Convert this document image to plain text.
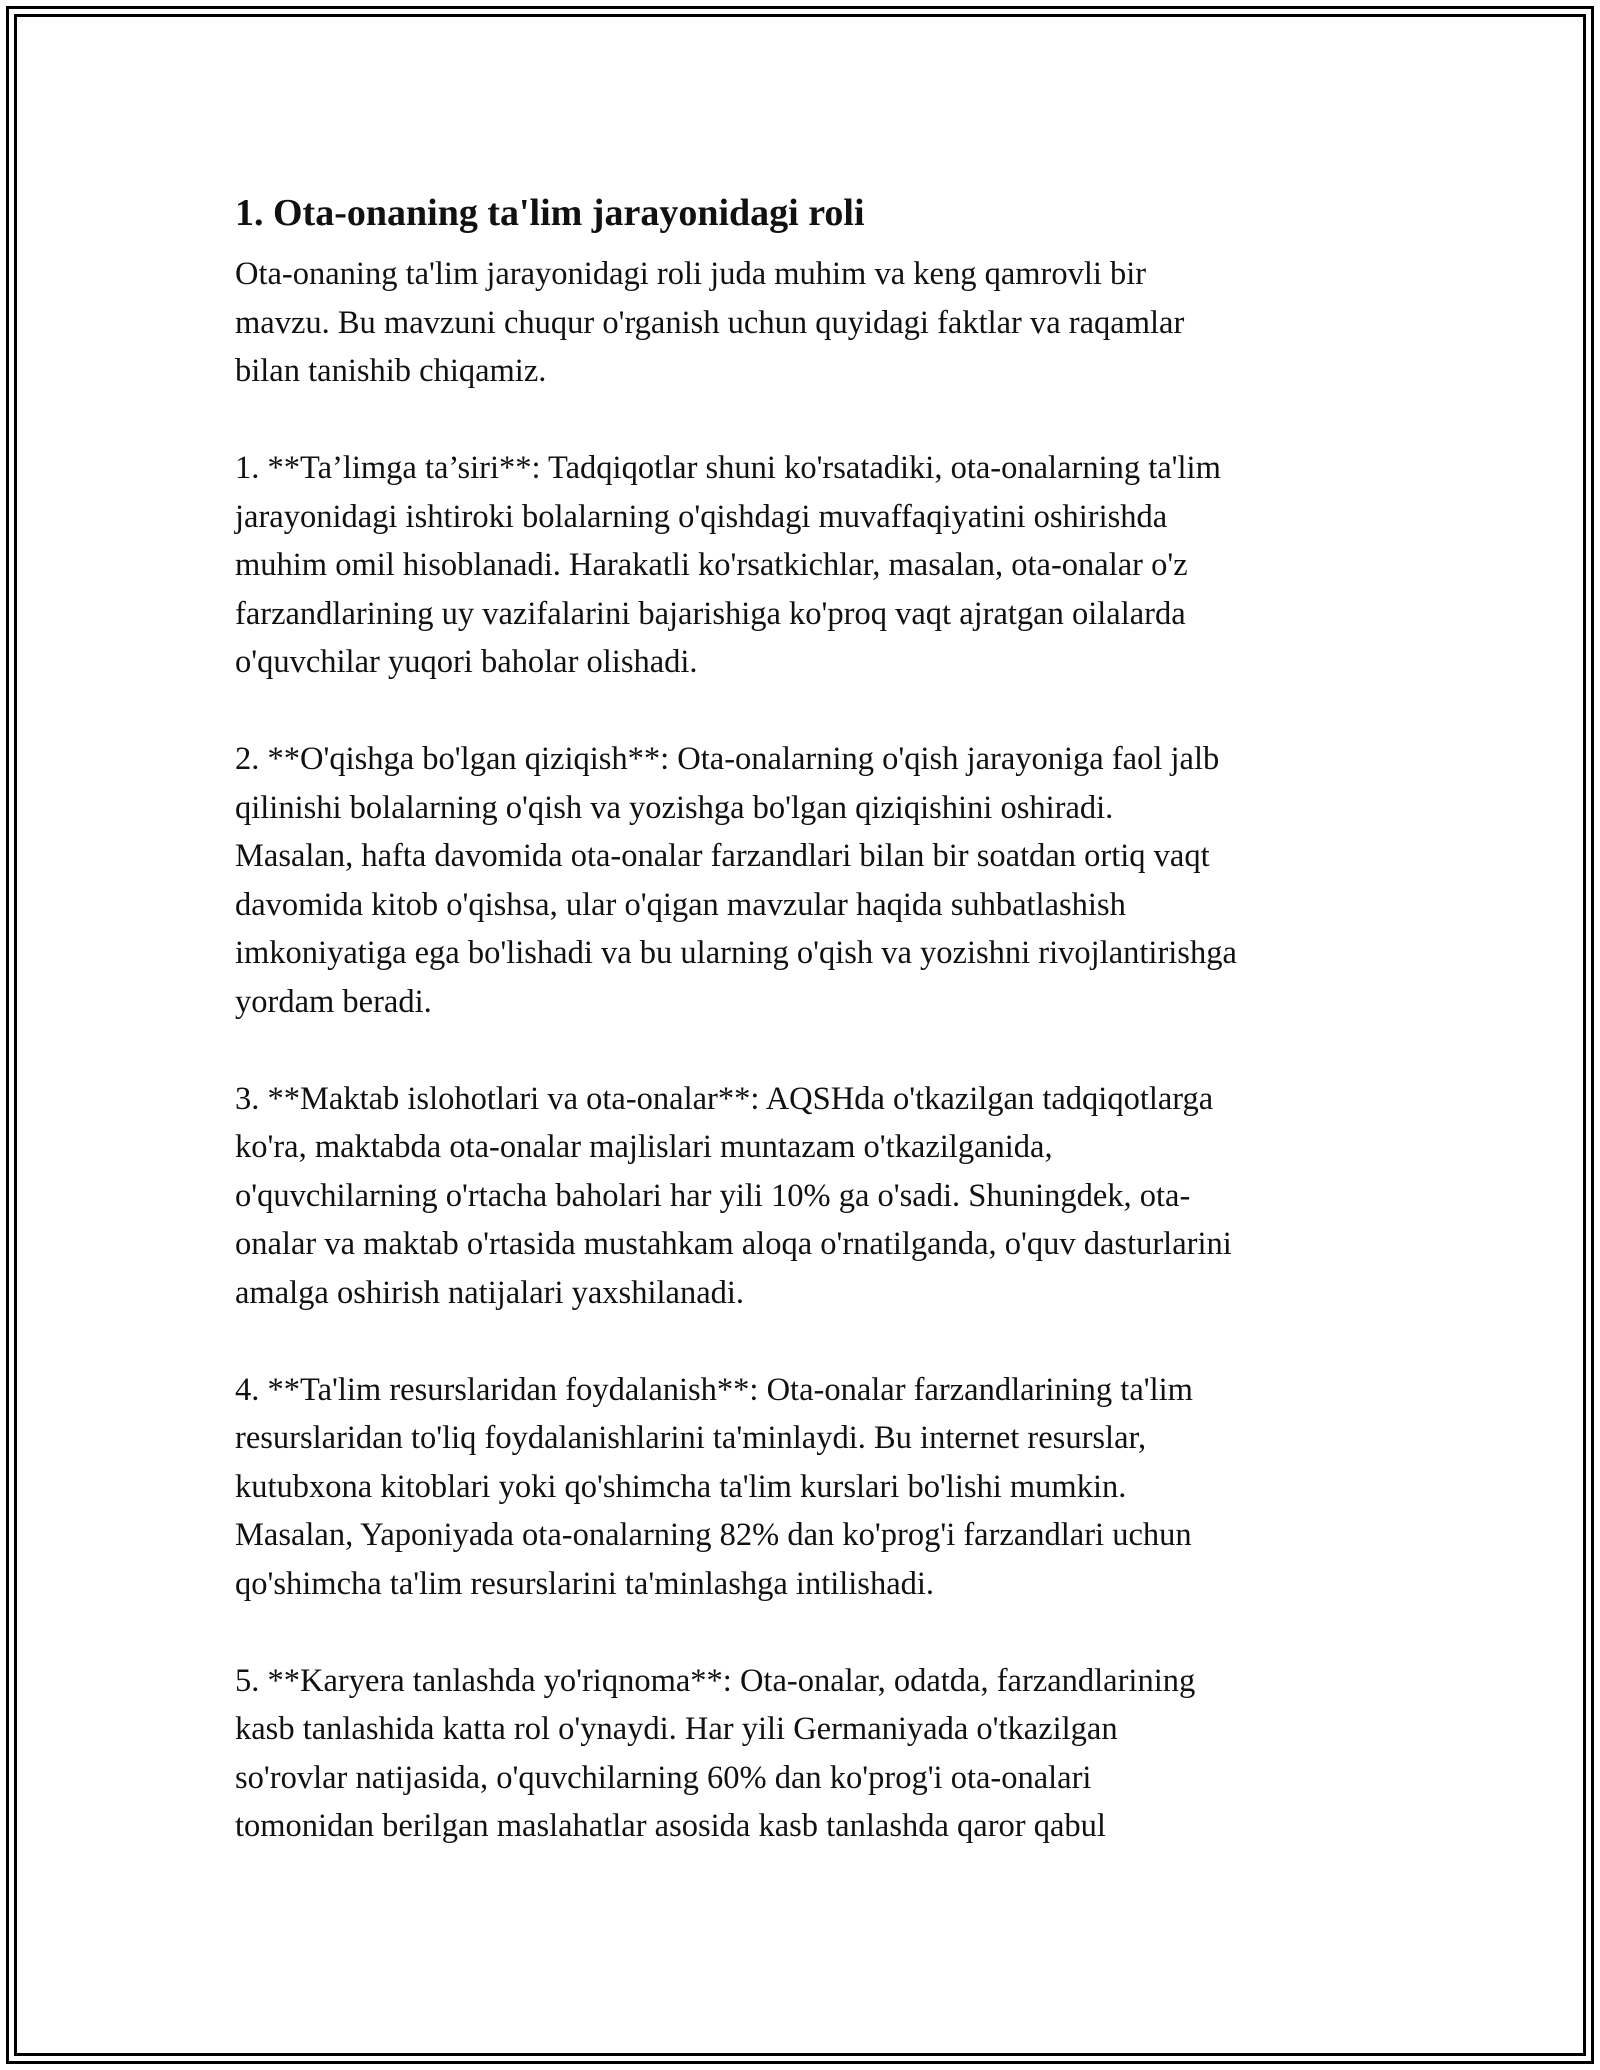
1. Ota-onaning ta'lim jarayonidagi roli

Ota-onaning ta'lim jarayonidagi roli juda muhim va keng qamrovli bir
mavzu. Bu mavzuni chuqur o'rganish uchun quyidagi faktlar va raqamlar
bilan tanishib chiqamiz.

1. **Ta’limga ta’siri**: Tadqiqotlar shuni ko'rsatadiki, ota-onalarning ta'lim
jarayonidagi ishtiroki bolalarning o'qishdagi muvaffaqiyatini oshirishda
muhim omil hisoblanadi. Harakatli ko'rsatkichlar, masalan, ota-onalar o'z
farzandlarining uy vazifalarini bajarishiga ko'proq vaqt ajratgan oilalarda
o'quvchilar yuqori baholar olishadi.

2. **O'qishga bo'lgan qiziqish**: Ota-onalarning o'qish jarayoniga faol jalb
qilinishi bolalarning o'qish va yozishga bo'lgan qiziqishini oshiradi.
Masalan, hafta davomida ota-onalar farzandlari bilan bir soatdan ortiq vaqt
davomida kitob o'qishsa, ular o'qigan mavzular haqida suhbatlashish
imkoniyatiga ega bo'lishadi va bu ularning o'qish va yozishni rivojlantirishga
yordam beradi.

3. **Maktab islohotlari va ota-onalar**: AQSHda o'tkazilgan tadqiqotlarga
ko'ra, maktabda ota-onalar majlislari muntazam o'tkazilganida,
o'quvchilarning o'rtacha baholari har yili 10% ga o'sadi. Shuningdek, ota-
onalar va maktab o'rtasida mustahkam aloqa o'rnatilganda, o'quv dasturlarini
amalga oshirish natijalari yaxshilanadi.

4. **Ta'lim resurslaridan foydalanish**: Ota-onalar farzandlarining ta'lim
resurslaridan to'liq foydalanishlarini ta'minlaydi. Bu internet resurslar,
kutubxona kitoblari yoki qo'shimcha ta'lim kurslari bo'lishi mumkin.
Masalan, Yaponiyada ota-onalarning 82% dan ko'prog'i farzandlari uchun
qo'shimcha ta'lim resurslarini ta'minlashga intilishadi.

5. **Karyera tanlashda yo'riqnoma**: Ota-onalar, odatda, farzandlarining
kasb tanlashida katta rol o'ynaydi. Har yili Germaniyada o'tkazilgan
so'rovlar natijasida, o'quvchilarning 60% dan ko'prog'i ota-onalari
tomonidan berilgan maslahatlar asosida kasb tanlashda qaror qabul
